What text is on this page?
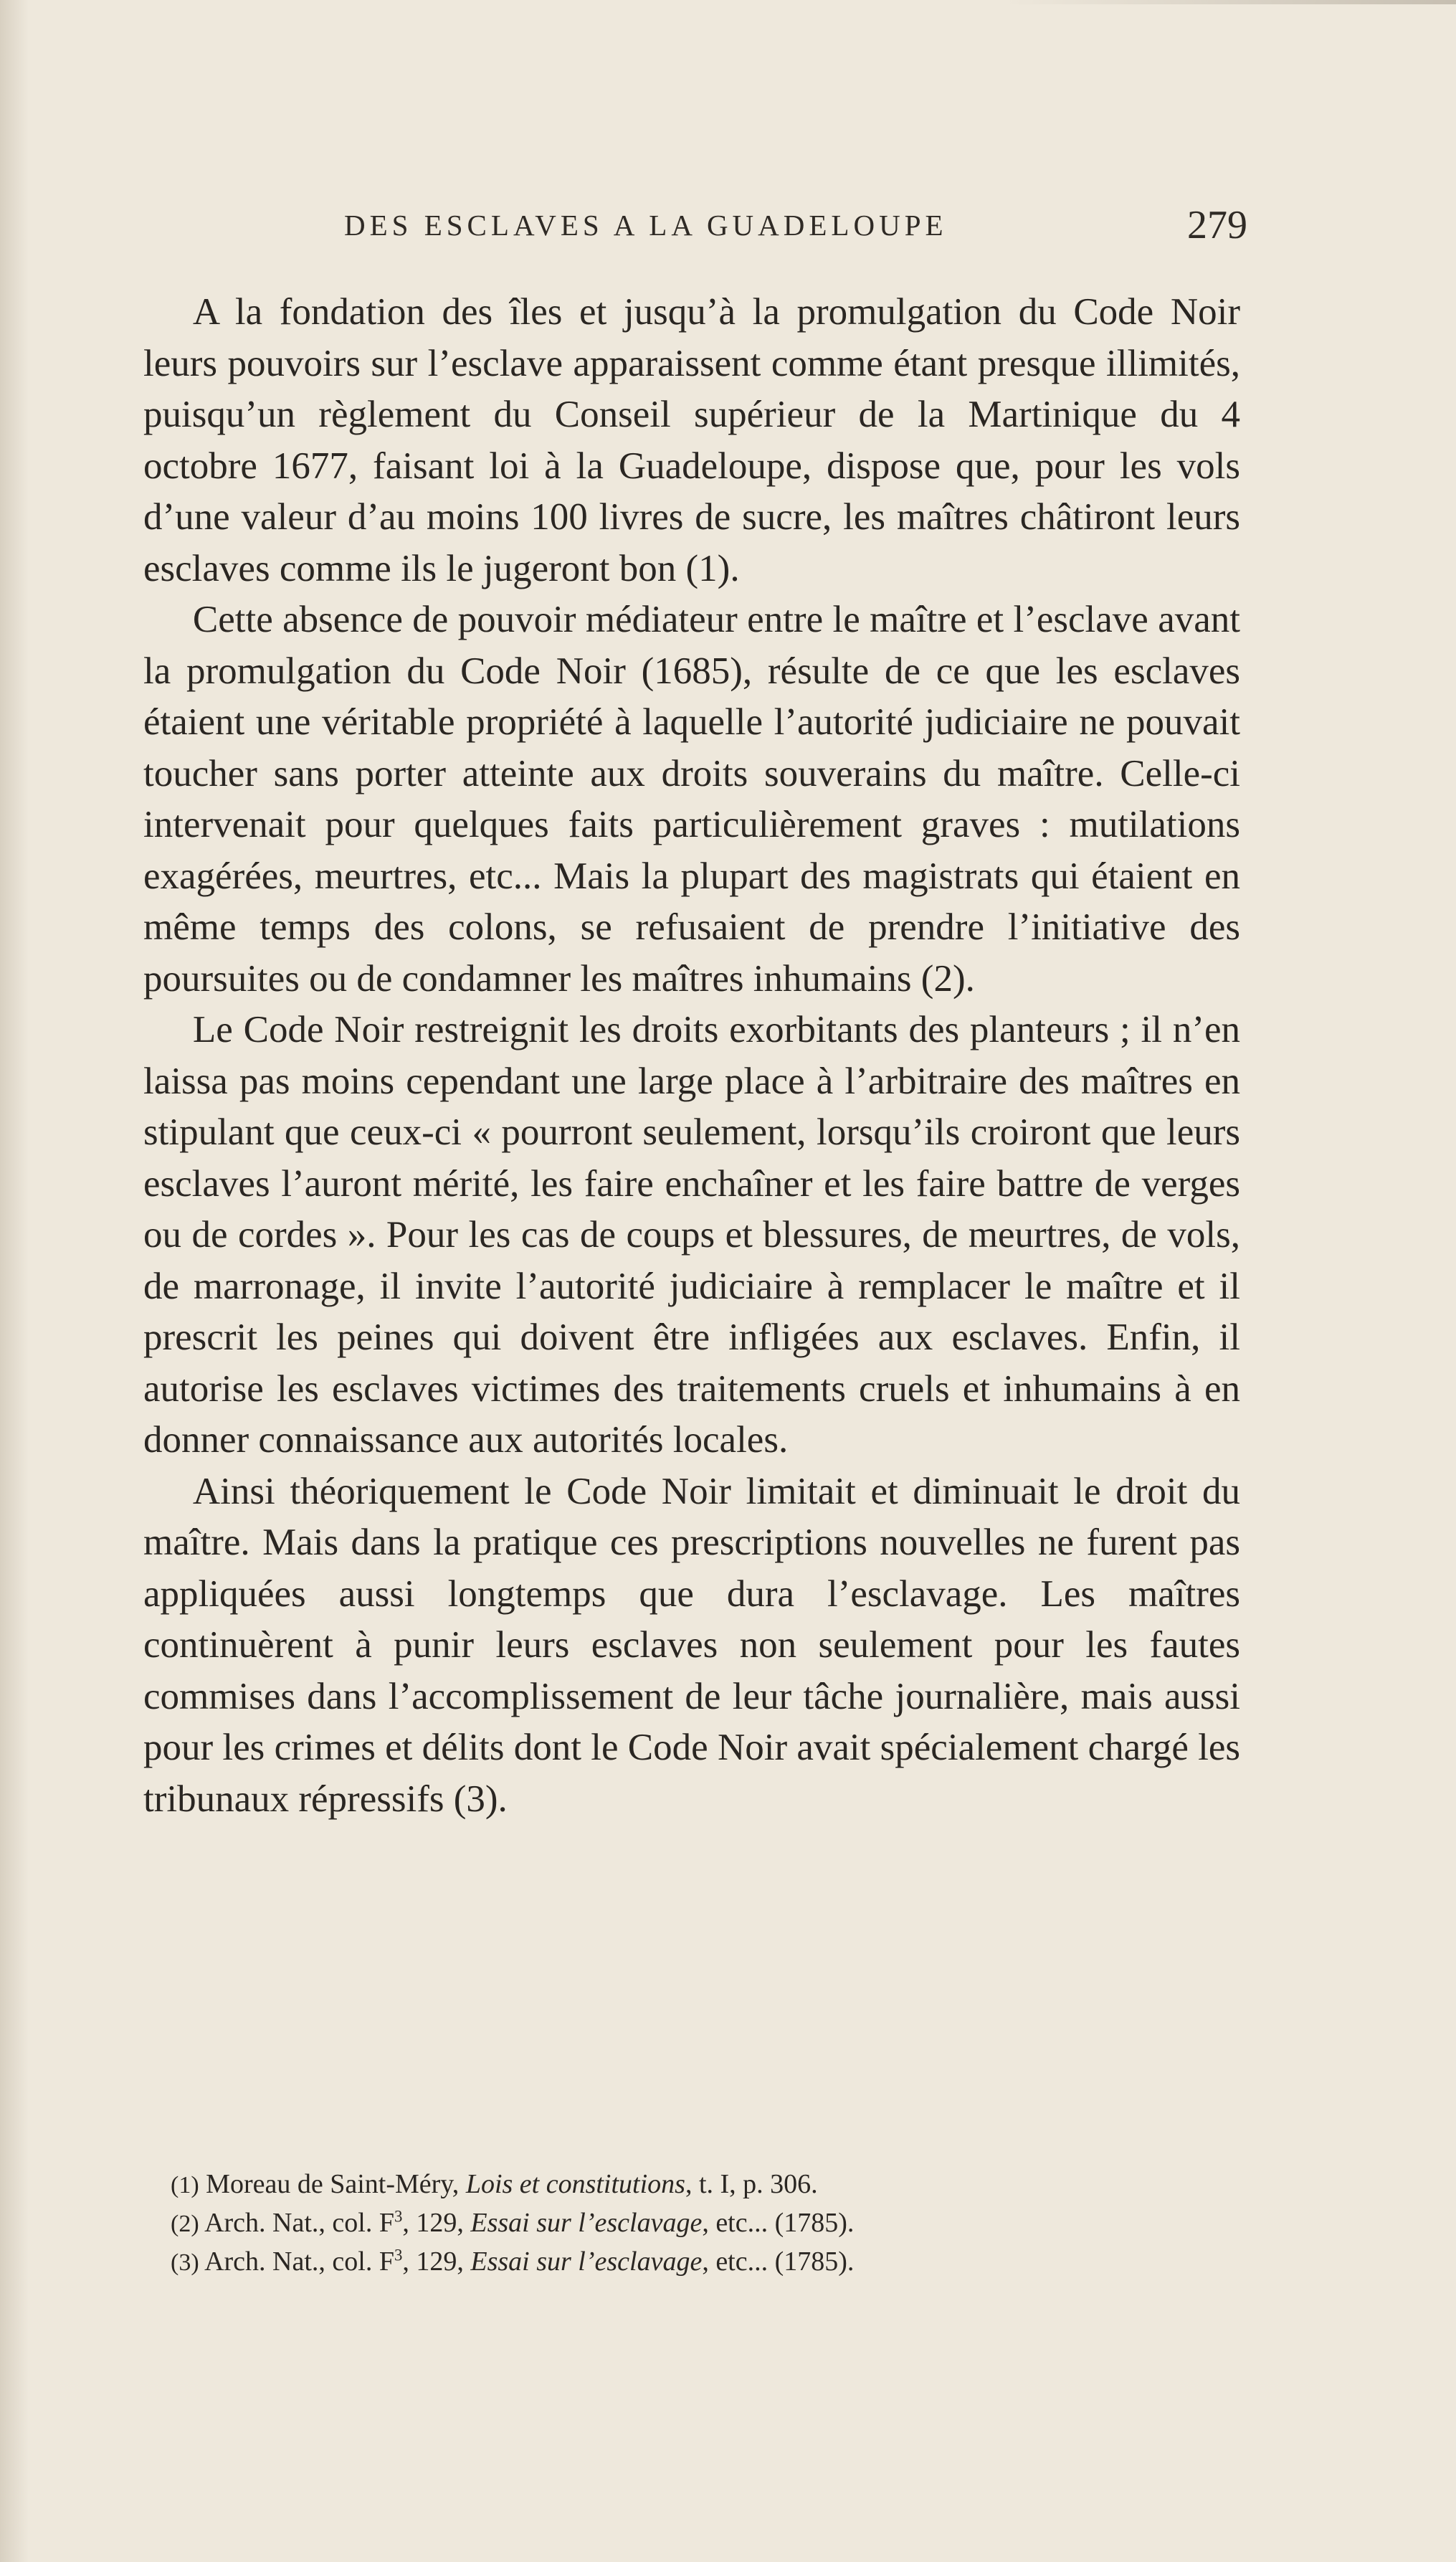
DES ESCLAVES A LA GUADELOUPE	279

A la fondation des îles et jusqu’à la promulgation du Code Noir leurs pouvoirs sur l’esclave apparaissent comme étant presque illimités, puisqu’un règlement du Conseil supérieur de la Martinique du 4 octobre 1677, faisant loi à la Guadeloupe, dispose que, pour les vols d’une valeur d’au moins 100 livres de sucre, les maîtres châtiront leurs esclaves comme ils le jugeront bon (1).

Cette absence de pouvoir médiateur entre le maître et l’esclave avant la promulgation du Code Noir (1685), résulte de ce que les esclaves étaient une véritable propriété à laquelle l’autorité judiciaire ne pouvait toucher sans porter atteinte aux droits souverains du maître. Celle-ci intervenait pour quelques faits particulièrement graves : mutilations exagérées, meurtres, etc... Mais la plupart des magistrats qui étaient en même temps des colons, se refusaient de prendre l’initiative des poursuites ou de condamner les maîtres inhumains (2).

Le Code Noir restreignit les droits exorbitants des planteurs ; il n’en laissa pas moins cependant une large place à l’arbitraire des maîtres en stipulant que ceux-ci « pourront seulement, lorsqu’ils croiront que leurs esclaves l’auront mérité, les faire enchaîner et les faire battre de verges ou de cordes ». Pour les cas de coups et blessures, de meurtres, de vols, de marronage, il invite l’autorité judiciaire à remplacer le maître et il prescrit les peines qui doivent être infligées aux esclaves. Enfin, il autorise les esclaves victimes des traitements cruels et inhumains à en donner connaissance aux autorités locales.

Ainsi théoriquement le Code Noir limitait et diminuait le droit du maître. Mais dans la pratique ces prescriptions nouvelles ne furent pas appliquées aussi longtemps que dura l’esclavage. Les maîtres continuèrent à punir leurs esclaves non seulement pour les fautes commises dans l’accomplissement de leur tâche journalière, mais aussi pour les crimes et délits dont le Code Noir avait spécialement chargé les tribunaux répressifs (3).

(1) Moreau de Saint-Méry, Lois et constitutions, t. I, p. 306.

(2) Arch. Nat., col. $F^3$, 129, Essai sur l’esclavage, etc... (1785).

(3) Arch. Nat., col. $F^3$, 129, Essai sur l’esclavage, etc... (1785).
